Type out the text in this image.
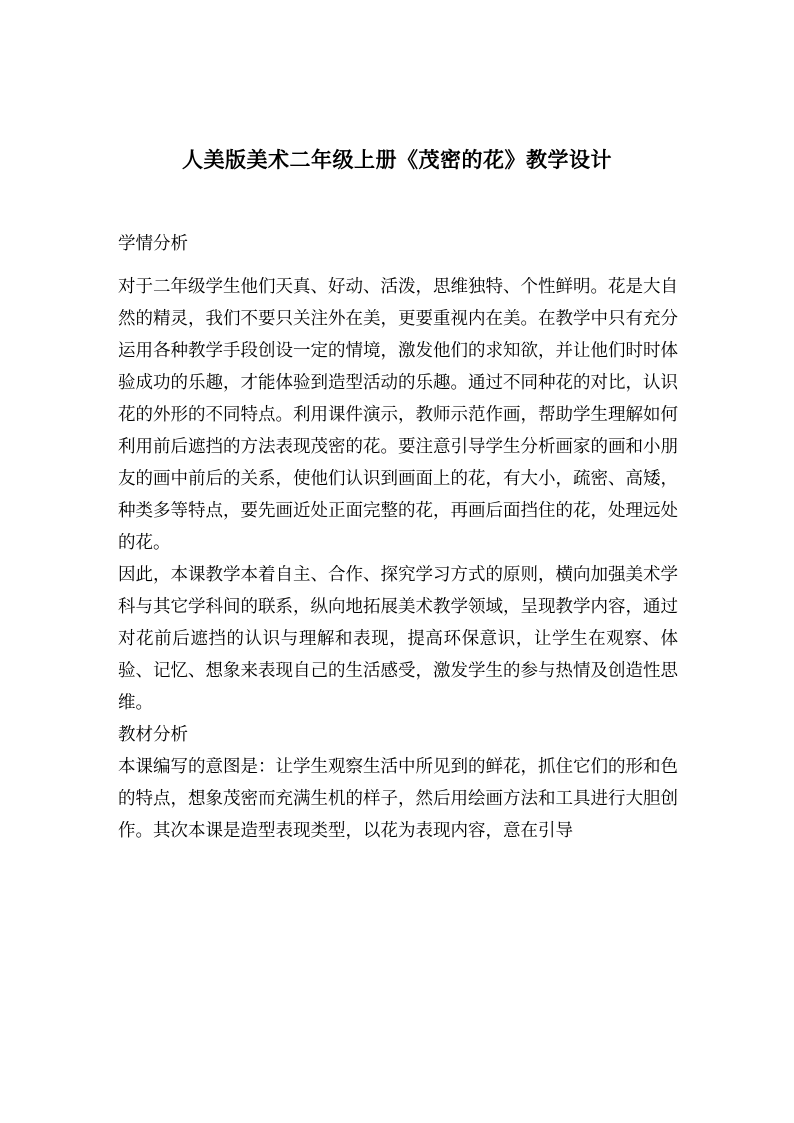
人美版美术二年级上册《茂密的花》教学设计

学情分析

对于二年级学生他们天真、好动、活泼，思维独特、个性鲜明。花是大自然的精灵，我们不要只关注外在美，更要重视内在美。在教学中只有充分运用各种教学手段创设一定的情境，激发他们的求知欲，并让他们时时体验成功的乐趣，才能体验到造型活动的乐趣。通过不同种花的对比，认识花的外形的不同特点。利用课件演示，教师示范作画，帮助学生理解如何利用前后遮挡的方法表现茂密的花。要注意引导学生分析画家的画和小朋友的画中前后的关系，使他们认识到画面上的花，有大小，疏密、高矮，种类多等特点，要先画近处正面完整的花，再画后面挡住的花，处理远处的花。

因此，本课教学本着自主、合作、探究学习方式的原则，横向加强美术学科与其它学科间的联系，纵向地拓展美术教学领域，呈现教学内容，通过对花前后遮挡的认识与理解和表现，提高环保意识，让学生在观察、体验、记忆、想象来表现自己的生活感受，激发学生的参与热情及创造性思维。

教材分析

本课编写的意图是：让学生观察生活中所见到的鲜花，抓住它们的形和色的特点，想象茂密而充满生机的样子，然后用绘画方法和工具进行大胆创作。其次本课是造型表现类型，以花为表现内容，意在引导
